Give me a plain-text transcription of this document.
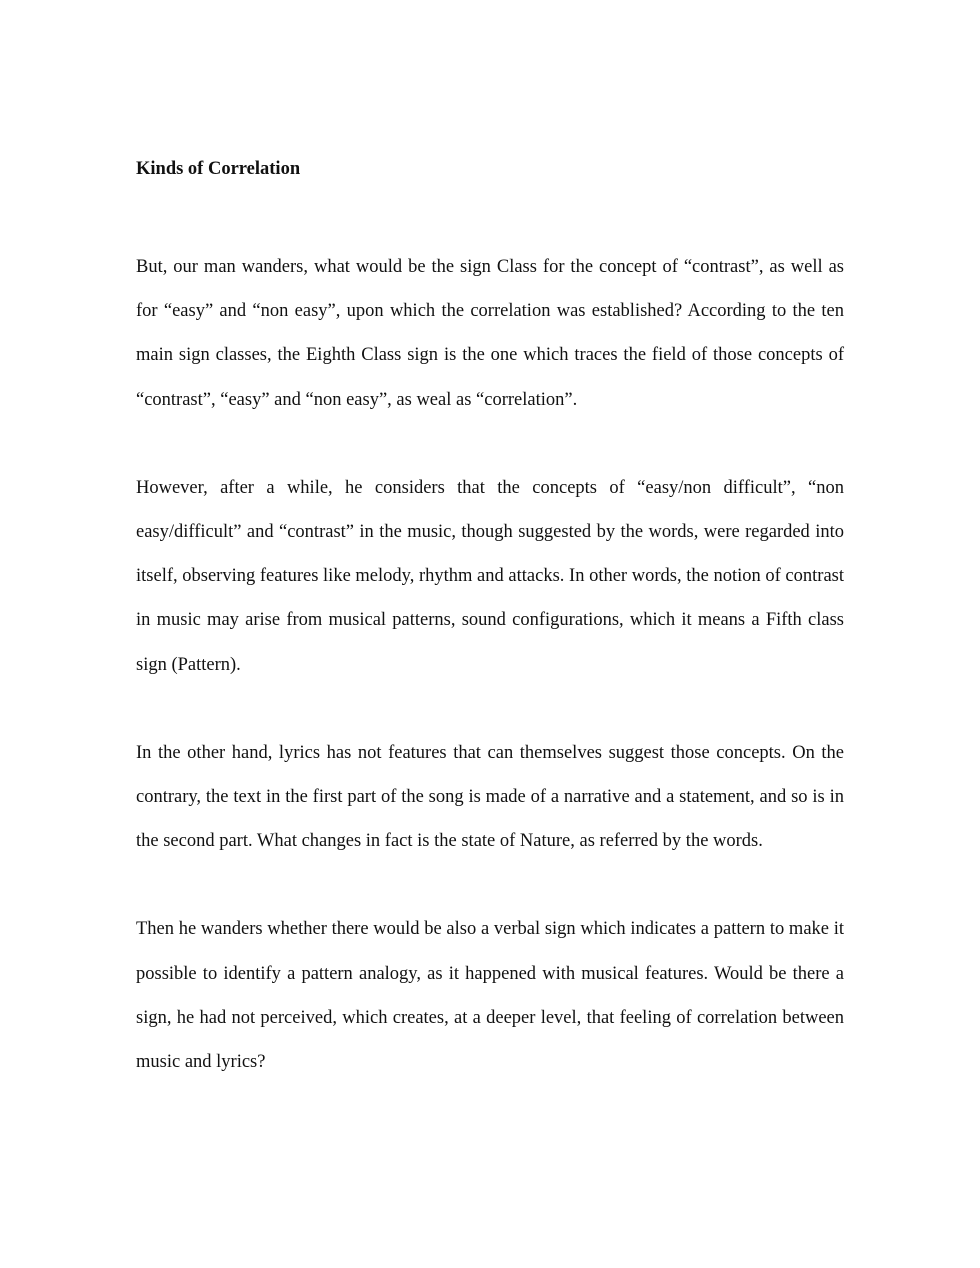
Kinds of Correlation

But, our man wanders, what would be the sign Class for the concept of “contrast”, as well as for “easy” and “non easy”, upon which the correlation was established? According to the ten main sign classes, the Eighth Class sign is the one which traces the field of those concepts of “contrast”, “easy” and “non easy”, as weal as “correlation”.

However, after a while, he considers that the concepts of “easy/non difficult”, “non easy/difficult” and “contrast” in the music, though suggested by the words, were regarded into itself, observing features like melody, rhythm and attacks. In other words, the notion of contrast in music may arise from musical patterns, sound configurations, which it means a Fifth class sign (Pattern).

In the other hand, lyrics has not features that can themselves suggest those concepts. On the contrary, the text in the first part of the song is made of a narrative and a statement, and so is in the second part. What changes in fact is the state of Nature, as referred by the words.

Then he wanders whether there would be also a verbal sign which indicates a pattern to make it possible to identify a pattern analogy, as it happened with musical features. Would be there a sign, he had not perceived, which creates, at a deeper level, that feeling of correlation between music and lyrics?
